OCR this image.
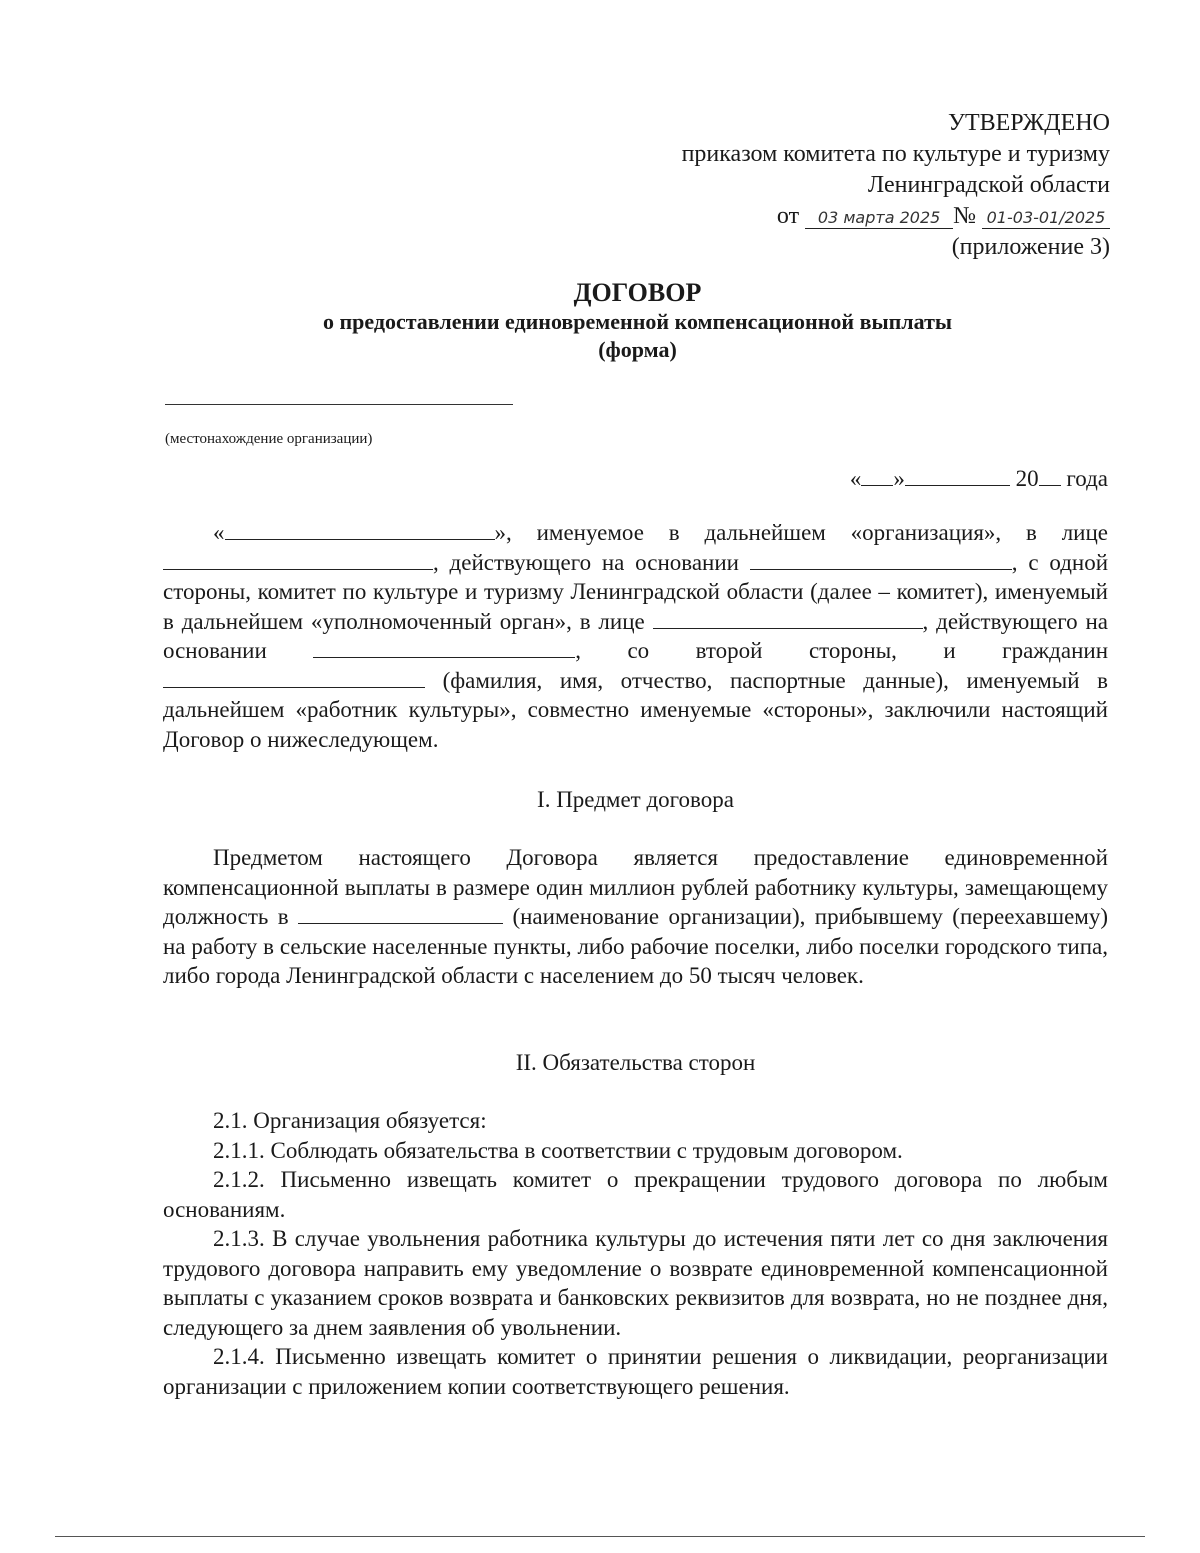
УТВЕРЖДЕНО
приказом комитета по культуре и туризму
Ленинградской области
от 03 марта 2025 № 01-03-01/2025
(приложение 3)
ДОГОВОР
о предоставлении единовременной компенсационной выплаты
(форма)
(местонахождение организации)
« »	20 года

«	», именуемое в дальнейшем «организация», в лице , действующего на основании	, с одной стороны, комитет по культуре и туризму Ленинградской области (далее – комитет), именуемый в дальнейшем «уполномоченный орган», в лице	, действующего на основании	, со второй стороны, и гражданин  (фамилия, имя, отчество, паспортные данные), именуемый в дальнейшем «работник культуры», совместно именуемые «стороны», заключили настоящий Договор о нижеследующем.

I. Предмет договора

Предметом настоящего Договора является предоставление единовременной компенсационной выплаты в размере один миллион рублей работнику культуры, замещающему должность в	(наименование организации), прибывшему (переехавшему) на работу в сельские населенные пункты, либо рабочие поселки, либо поселки городского типа, либо города Ленинградской области с населением до 50 тысяч человек.

II. Обязательства сторон

2.1. Организация обязуется:

2.1.1. Соблюдать обязательства в соответствии с трудовым договором.

2.1.2. Письменно извещать комитет о прекращении трудового договора по любым основаниям.

2.1.3. В случае увольнения работника культуры до истечения пяти лет со дня заключения трудового договора направить ему уведомление о возврате единовременной компенсационной выплаты с указанием сроков возврата и банковских реквизитов для возврата, но не позднее дня, следующего за днем заявления об увольнении.

2.1.4. Письменно извещать комитет о принятии решения о ликвидации, реорганизации организации с приложением копии соответствующего решения.
